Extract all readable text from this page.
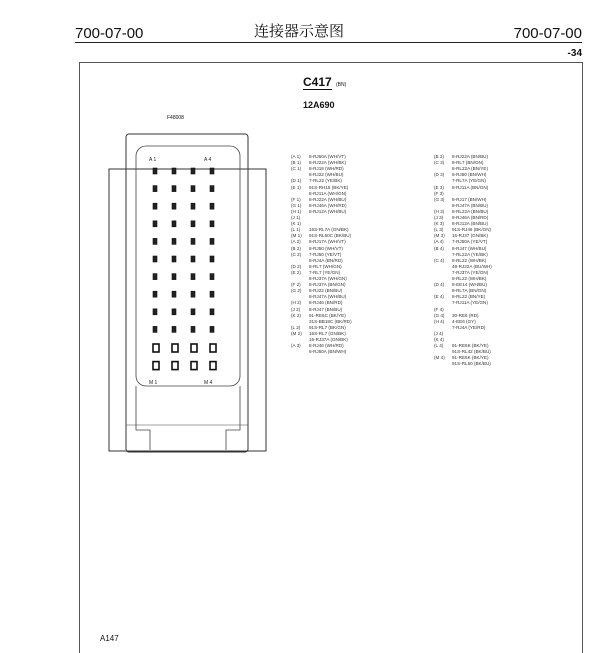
700-07-00	连接器示意图	700-07-00
-34
C417 (BN)
12A690
F48008
A 1	A 4
M 1	M 4
(A 1) 8-RJ50A (WH/VT)
(B 1) 8-RJ22A (WH/BK)
(C 1) 8-RJ18 (WH/RD)
8-RJ22 (WH/BU)
(D 1) 7-RL22 (YE/BK)
(E 1) 91S-RH15 (BK/YE)
8-RJ11A (WH/GN)
(F 1) 8-RJ22A (WH/BU)
(G 1) 8-RJ46A (WH/RD)
(H 1) 8-RJ12A (WH/BU)
(J 1)
(K 1)
(L 1) 15S-RL7A (GN/BK)
(M 1) 91S-RL50C (BK/BU)
(A 2) 8-RJ17A (WH/VT)
(B 2) 8-RJ50 (WH/VT)
(C 2) 7-RJ50 (YE/VT)
8-RJ4A (BN/RD)
(D 2) 8-RL7 (WH/GN)
(E 2) 7-RL7 (YE/GN)
8-RJ37A (WH/GN)
(F 2) 8-RJ37A (BN/GN)
(G 2) 8-RJ22 (BN/BU)
8-RJ47A (WH/BU)
(H 2) 8-RJ46 (BN/RD)
(J 2) 8-RJ47 (BN/BU)
(K 2) 91-RE6C (BK/YE)
31S-BB18C (BK/RD)
(L 2) 91S-RL7 (BK/GN)
(M 2) 15S-RL7 (GN/BK)
15-RJ37A (GN/BK)
(A 3) 8-RJ46 (WH/RD)
8-RJ50A (BN/WH)
(B 3) 8-RJ22A (BN/BU)
(C 3) 8-RL7 (BN/GN)
8-RL22A (BN/YE)
(D 3) 8-RJ50 (BN/WH)
7-RL7A (YE/GN)
(E 3) 8-RJ11A (BN/GN)
(F 3)
(G 3) 8-RJ17 (BN/WH)
8-RJ47A (BN/BU)
(H 3) 8-RL22A (BN/BU)
(J 3) 8-RJ46A (BN/RD)
(K 3) 8-RJ12A (BN/BU)
(L 3) 91S-RJ46 (BK/GN)
(M 3) 15-RJ37 (GN/BK)
(A 4) 7-RJ50A (YE/VT)
(B 4) 8-RJ47 (WH/BU)
7-RL22A (YE/BK)
(C 4) 8-RL22 (WH/BK)
49-RJ22A (BU/WH)
7-RJ37A (YE/GN)
8-RL22 (WH/BK)
(D 4) 8-EE14 (WH/BU)
8-RL7A (BN/GN)
(E 4) 8-RL22 (BN/YE)
7-RJ11A (YE/GN)
(F 4)
(G 4) 30-RE6 (RD)
(H 4) 4-EE6 (GY)
7-RJ4A (YE/RD)
(J 4)
(K 4)
(L 4) 91-RE6K (BK/YE)
91S-RL42 (BK/BU)
(M 4) 91-RE6K (BK/YE)
91S-RL50 (BK/BU)
A147
